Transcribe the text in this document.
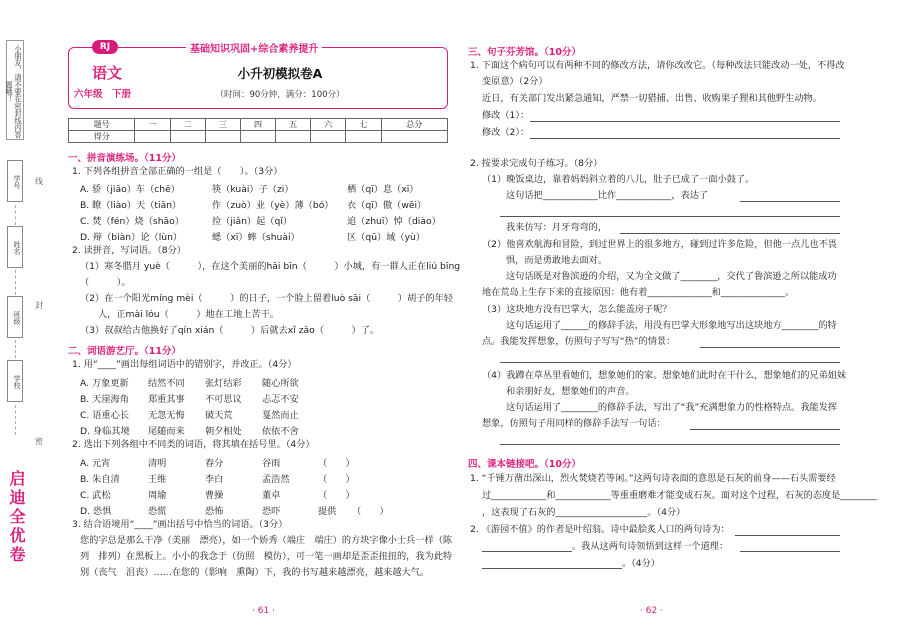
小朋友，请不要在密封线内答题哦！
学号
姓名
班级
学校
启迪全优卷
线
封
密
RJ	基础知识巩固+综合素养提升
语文
六年级　下册
小升初模拟卷A
（时间：90分钟，满分：100分）
题号	一	二	三	四	五	六	七	总分
得分								
一、拼音演练场。（11分）
1. 下列各组拼音全部正确的一组是（　　）。（3分）
A. 骄（jiāo）车（chē）	筷（kuài）子（zi）	栖（qī）息（xī）
B. 瞭（liào）天（tiān）	作（zuò）业（yè）薄（bó） 衣（qī）傲（wēi）
C. 焚（fén）烧（shāo）	捡（jiǎn）起（qǐ）	追（zhuī）悼（diào）
D. 辩（biàn）论（lùn）	蟋（xī）蟀（shuài）	区（qū）域（yù）
2. 读拼音，写词语。（8分）
（1）寒冬腊月 yuè（　　　），在这个美丽的hǎi bīn（　　　）小城，有一群人正在liú bīng
（　　　）。
（2）在一个阳光míng mèi（　　　）的日子，一个脸上留着luò sāi（　　　）胡子的年轻
人，正mài lóu（　　　）地在工地上苦干。
（3）叔叔给古他换好了qín xián（　　　）后就去xǐ zǎo（　　　）了。
二、词语游艺厅。（11分）
1. 用“____”画出每组词语中的错别字，并改正。（4分）
A. 万象更新 结然不同 张灯结彩 随心所欲
B. 天崖海角 郑重其事 不可思议 忐忑不安
C. 语重心长 无忽无悔 破天荒	戛然而止
D. 身临其境 尾随而来 朝夕相处 依依不舍
2. 选出下列各组中不同类的词语，将其填在括号里。（4分）
A. 元宵	清明	春分	谷雨	（　　）
B. 朱自清	王维	李白	孟浩然	（　　）
C. 武松	周瑜	曹操	董卓	（　　）
D. 恐惧	恐慌	恐怖	恐吓	提供 （　　）
3. 结合语境用“____”画出括号中恰当的词语。（3分）
您的字总是那么干净（美丽　漂亮），如一个娇秀（端庄　端庄）的方块字像小士兵一样（陈
列　排列）在黑板上。小小的我念于（仿照　模仿），可一笔一画却是歪歪扭扭的，我为此特
别（丧气　沮丧）……在您的（影响　熏陶）下，我的书写越来越漂亮，越来越大气。
· 61 ·
三、句子芬芳馆。（10分）
1. 下面这个病句可以有两种不同的修改方法，请你改改它。（每种改法只能改动一处，不得改
变原意）（2分）
近日，有关部门发出紧急通知，严禁一切猎捕、出售、收购果子狸和其他野生动物。
修改（1）：
修改（2）：
2. 按要求完成句子练习。（8分）
（1）晚饭桌边，靠着妈妈斜立着的八儿，肚子已成了一面小鼓了。
这句话把____________比作____________，表达了
我来仿写：月牙弯弯的，
（2）他喜欢航海和冒险，到过世界上的很多地方，碰到过许多危险，但他一点儿也不畏
惧，而是勇敢地去面对。
这句话既是对鲁滨逊的介绍，又为全文做了________，交代了鲁滨逊之所以能成功
地在荒岛上生存下来的直接原因：他有着______________和______________。
（3）这块地方没有巴掌大，怎么能盖房子呢？
这句话运用了______的修辞手法，用没有巴掌大形象地写出这块地方________的特
点。我能发挥想象，仿照句子写写“热”的情景：
（4）我蹲在草丛里看她们，想象她们的家。想象她们此时在干什么，想象她们的兄弟姐妹
和亲朋好友，想象她们的声音。
这句话运用了________的修辞手法，写出了“我”充满想象力的性格特点。我能发挥
想象，仿照句子用同样的修辞手法写一句话：
四、课本链接吧。（10分）
1. “千锤万凿出深山，烈火焚烧若等闲。”这两句诗表面的意思是石灰的前身——石头需要经
过____________和____________等重重磨难才能变成石灰。面对这个过程，石灰的态度是________
，这表现了石灰的____________________。（4分）
2. 《游园不值》的作者是叶绍翁。诗中最脍炙人口的两句诗为：
。我从这两句诗领悟到这样一个道理：
。（4分）
· 62 ·
